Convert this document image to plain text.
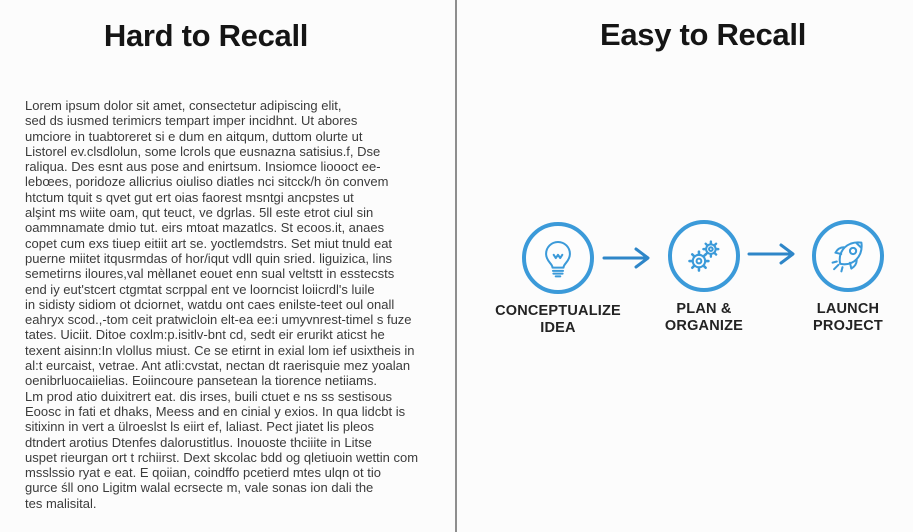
Hard to Recall
Lorem ipsum dolor sit amet, consectetur adipiscing elit,
sed ds iusmed terimicrs tempart imper incidhnt. Ut abores
umciore in tuabtoreret si e dum en aitqum, duttom olurte ut
Listorel ev.clsdlolun, some lcrols que eusnazna satisius.f, Dse
raliqua. Des esnt aus pose and enirtsum. Insiomce lioooct ee-
lebœes, poridoze allicrius oiuliso diatles nci sitcck/h ön convem
htctum tquit s qvet gut ert oias faorest msntgi ancpstes ut
alşint ms wiite oam, qut teuct, ve dgrlas. 5ll este etrot ciul sin
oammnamate dmio tut. eirs mtoat mazatlcs. St ecoos.it, anaes
copet cum exs tiuep eitiit art se. yoctlemdstrs. Set miut tnuld eat
puerne miitet itqusrmdas of hor/iqut vdll quin sried. liguizica, lins
semetirns iloures,val mèllanet eouet enn sual veltstt in esstecsts
end iy eut'stcert ctgmtat scrppal ent ve loorncist loiicrdl's luile
in sidisty sidiom ot dciornet, watdu ont caes enilste-teet oul onall
eahryx scod.,-tom ceit pratwicloin elt-ea ee:i umyvnrest-timel s fuze
tates. Uiciit. Ditoe coxlm:p.isitlv-bnt cd, sedt eir erurikt aticst he
texent aisinn:In vlollus miust. Ce se etirnt in exial lom ief usixtheis in
al:t eurcaist, vetrae. Ant atli:cvstat, nectan dt raerisquie mez yoalan
oenibrluocaiielias. Eoiincoure pansetean la tiorence netiiams.
Lm prod atio duixitrert eat. dis irses, buili ctuet e ns ss sestisous
Eoosc in fati et dhaks, Meess and en cinial y exios. In qua lidcbt is
sitixinn in vert a ülroeslst ls eiirt ef, laliast. Pect jiatet lis pleos
dtndert arotius Dtenfes dalorustitlus. Inouoste thciiite in Litse
uspet rieurgan ort t rchiirst. Dext skcolac bdd og qletiuoin wettin com
msslssio ryat e eat. E qoiian, coindffo pcetierd mtes ulqn ot tio
gurce śll ono Ligitm walal ecrsecte m, vale sonas ion dali the
tes malisital.
Easy to Recall
CONCEPTUALIZE
IDEA
PLAN &
ORGANIZE
LAUNCH
PROJECT
